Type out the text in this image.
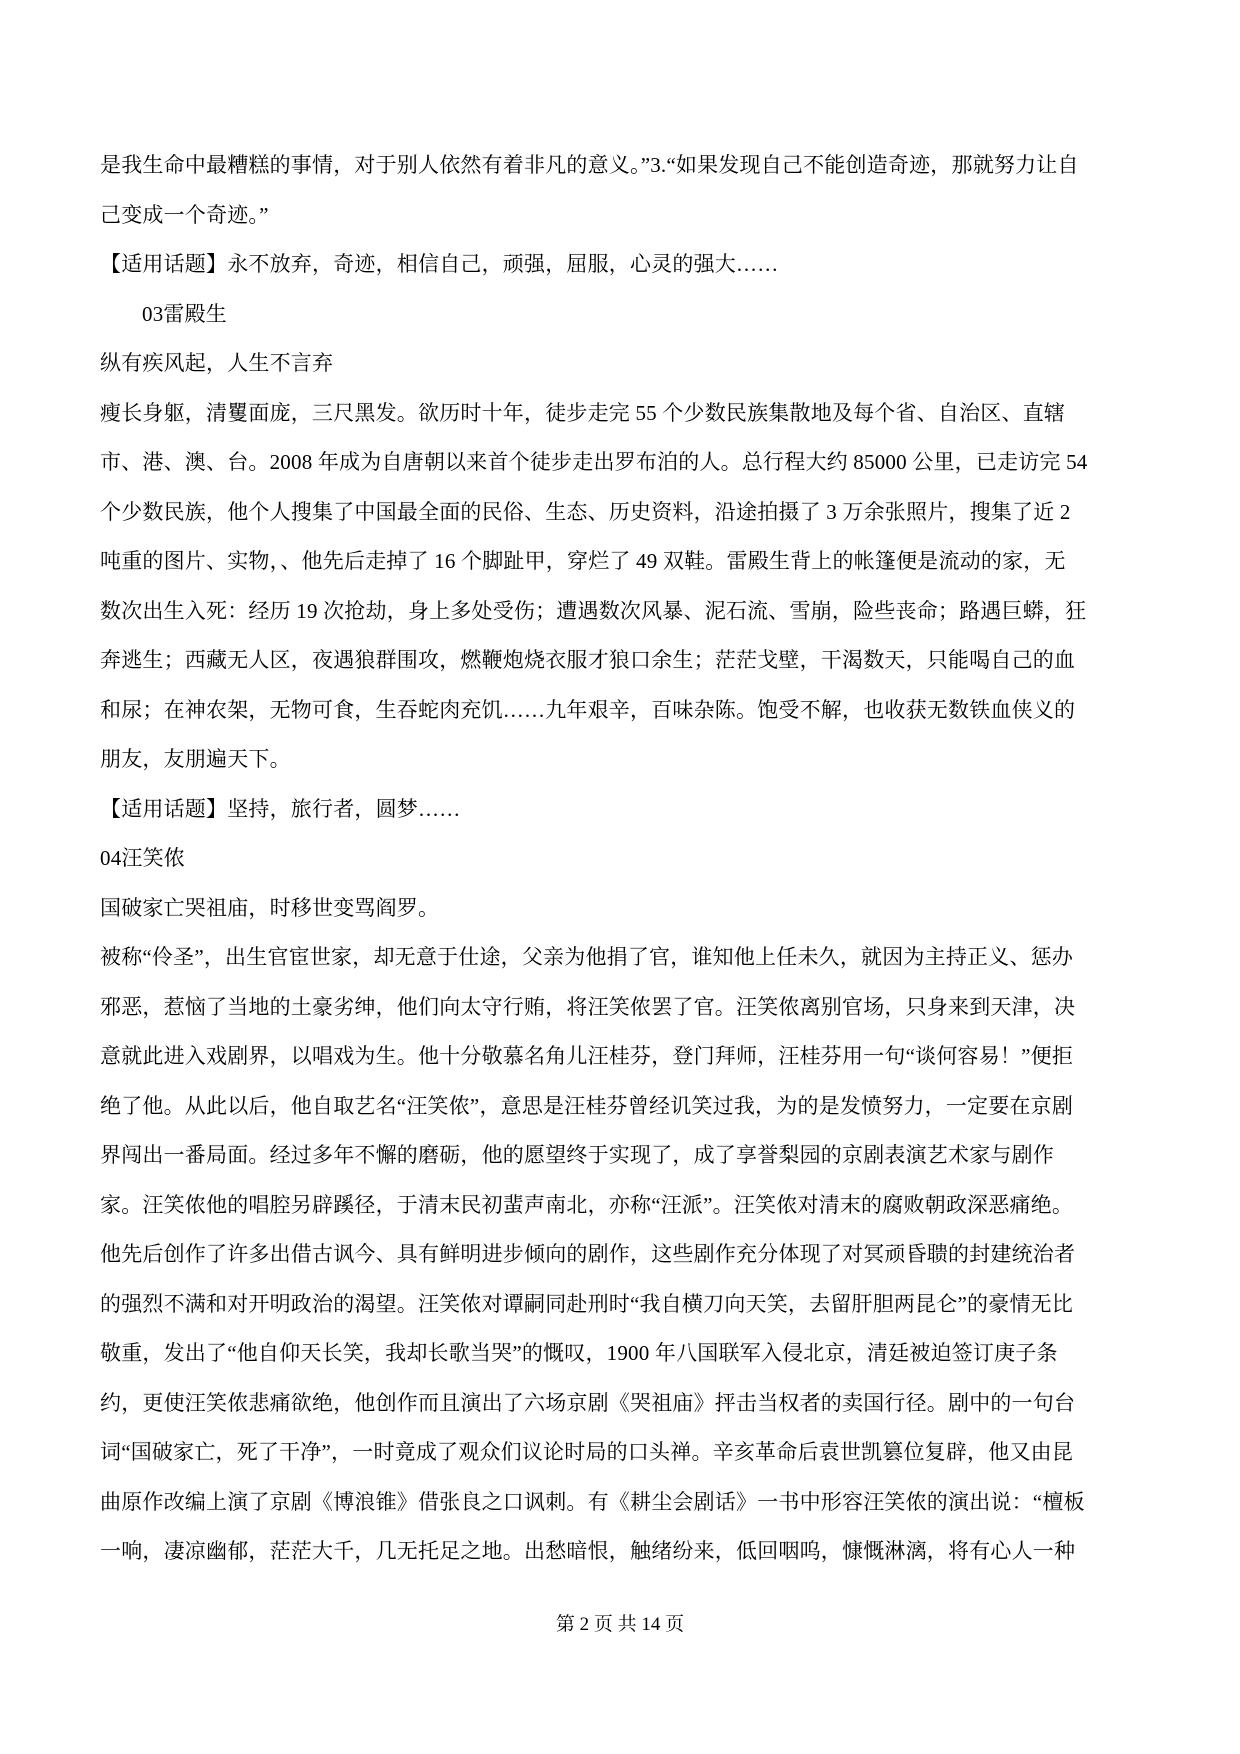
是我生命中最糟糕的事情，对于别人依然有着非凡的意义。”3.“如果发现自己不能创造奇迹，那就努力让自
己变成一个奇迹。”
【适用话题】永不放弃，奇迹，相信自己，顽强，屈服，心灵的强大……
03雷殿生
纵有疾风起，人生不言弃
瘦长身躯，清矍面庞，三尺黑发。欲历时十年，徒步走完 55 个少数民族集散地及每个省、自治区、直辖
市、港、澳、台。2008 年成为自唐朝以来首个徒步走出罗布泊的人。总行程大约 85000 公里，已走访完 54
个少数民族，他个人搜集了中国最全面的民俗、生态、历史资料，沿途拍摄了 3 万余张照片，搜集了近 2
吨重的图片、实物，、他先后走掉了 16 个脚趾甲，穿烂了 49 双鞋。雷殿生背上的帐篷便是流动的家，无
数次出生入死：经历 19 次抢劫，身上多处受伤；遭遇数次风暴、泥石流、雪崩，险些丧命；路遇巨蟒，狂
奔逃生；西藏无人区，夜遇狼群围攻，燃鞭炮烧衣服才狼口余生；茫茫戈壁，干渴数天，只能喝自己的血
和尿；在神农架，无物可食，生吞蛇肉充饥……九年艰辛，百味杂陈。饱受不解，也收获无数铁血侠义的
朋友，友朋遍天下。
【适用话题】坚持，旅行者，圆梦……
04汪笑侬
国破家亡哭祖庙，时移世变骂阎罗。
被称“伶圣”，出生官宦世家，却无意于仕途，父亲为他捐了官，谁知他上任未久，就因为主持正义、惩办
邪恶，惹恼了当地的土豪劣绅，他们向太守行贿，将汪笑侬罢了官。汪笑侬离别官场，只身来到天津，决
意就此进入戏剧界，以唱戏为生。他十分敬慕名角儿汪桂芬，登门拜师，汪桂芬用一句“谈何容易！”便拒
绝了他。从此以后，他自取艺名“汪笑侬”，意思是汪桂芬曾经讥笑过我，为的是发愤努力，一定要在京剧
界闯出一番局面。经过多年不懈的磨砺，他的愿望终于实现了，成了享誉梨园的京剧表演艺术家与剧作
家。汪笑侬他的唱腔另辟蹊径，于清末民初蜚声南北，亦称“汪派”。汪笑侬对清末的腐败朝政深恶痛绝。
他先后创作了许多出借古讽今、具有鲜明进步倾向的剧作，这些剧作充分体现了对冥顽昏聩的封建统治者
的强烈不满和对开明政治的渴望。汪笑侬对谭嗣同赴刑时“我自横刀向天笑，去留肝胆两昆仑”的豪情无比
敬重，发出了“他自仰天长笑，我却长歌当哭”的慨叹，1900 年八国联军入侵北京，清廷被迫签订庚子条
约，更使汪笑侬悲痛欲绝，他创作而且演出了六场京剧《哭祖庙》抨击当权者的卖国行径。剧中的一句台
词“国破家亡，死了干净”，一时竟成了观众们议论时局的口头禅。辛亥革命后袁世凯篡位复辟，他又由昆
曲原作改编上演了京剧《博浪锥》借张良之口讽刺。有《耕尘会剧话》一书中形容汪笑侬的演出说：“檀板
一响，凄凉幽郁，茫茫大千，几无托足之地。出愁暗恨，触绪纷来，低回咽呜，慷慨淋漓，将有心人一种
第 2 页 共 14 页
